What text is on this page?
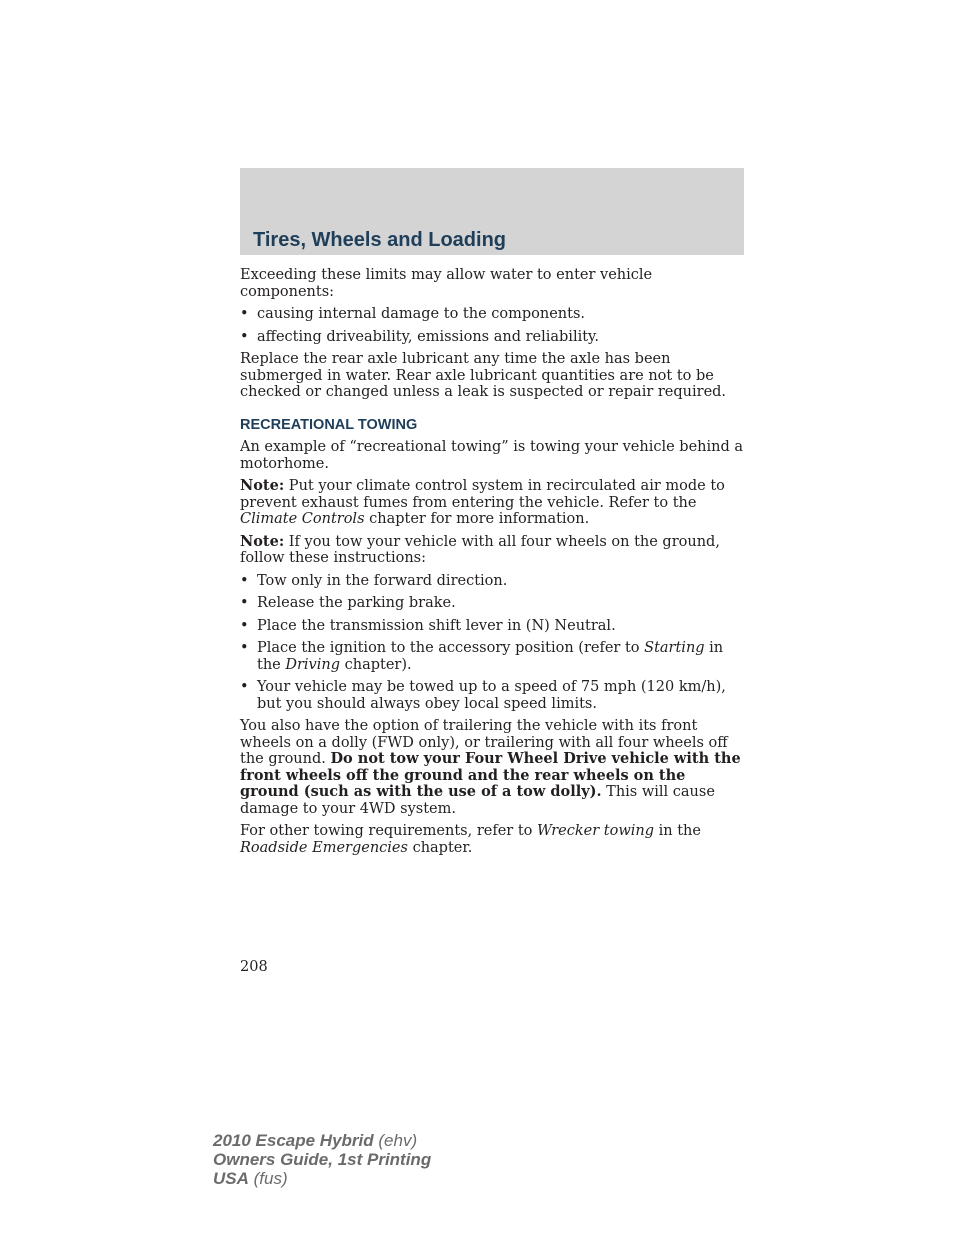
Tires, Wheels and Loading

Exceeding these limits may allow water to enter vehicle components:

• causing internal damage to the components.
• affecting driveability, emissions and reliability.

Replace the rear axle lubricant any time the axle has been submerged in water. Rear axle lubricant quantities are not to be checked or changed unless a leak is suspected or repair required.

RECREATIONAL TOWING

An example of “recreational towing” is towing your vehicle behind a motorhome.

Note: Put your climate control system in recirculated air mode to prevent exhaust fumes from entering the vehicle. Refer to the Climate Controls chapter for more information.

Note: If you tow your vehicle with all four wheels on the ground, follow these instructions:

• Tow only in the forward direction.
• Release the parking brake.
• Place the transmission shift lever in (N) Neutral.
• Place the ignition to the accessory position (refer to Starting in the Driving chapter).
• Your vehicle may be towed up to a speed of 75 mph (120 km/h), but you should always obey local speed limits.

You also have the option of trailering the vehicle with its front wheels on a dolly (FWD only), or trailering with all four wheels off the ground. Do not tow your Four Wheel Drive vehicle with the front wheels off the ground and the rear wheels on the ground (such as with the use of a tow dolly). This will cause damage to your 4WD system.

For other towing requirements, refer to Wrecker towing in the Roadside Emergencies chapter.

208
2010 Escape Hybrid (ehv)
Owners Guide, 1st Printing
USA (fus)
